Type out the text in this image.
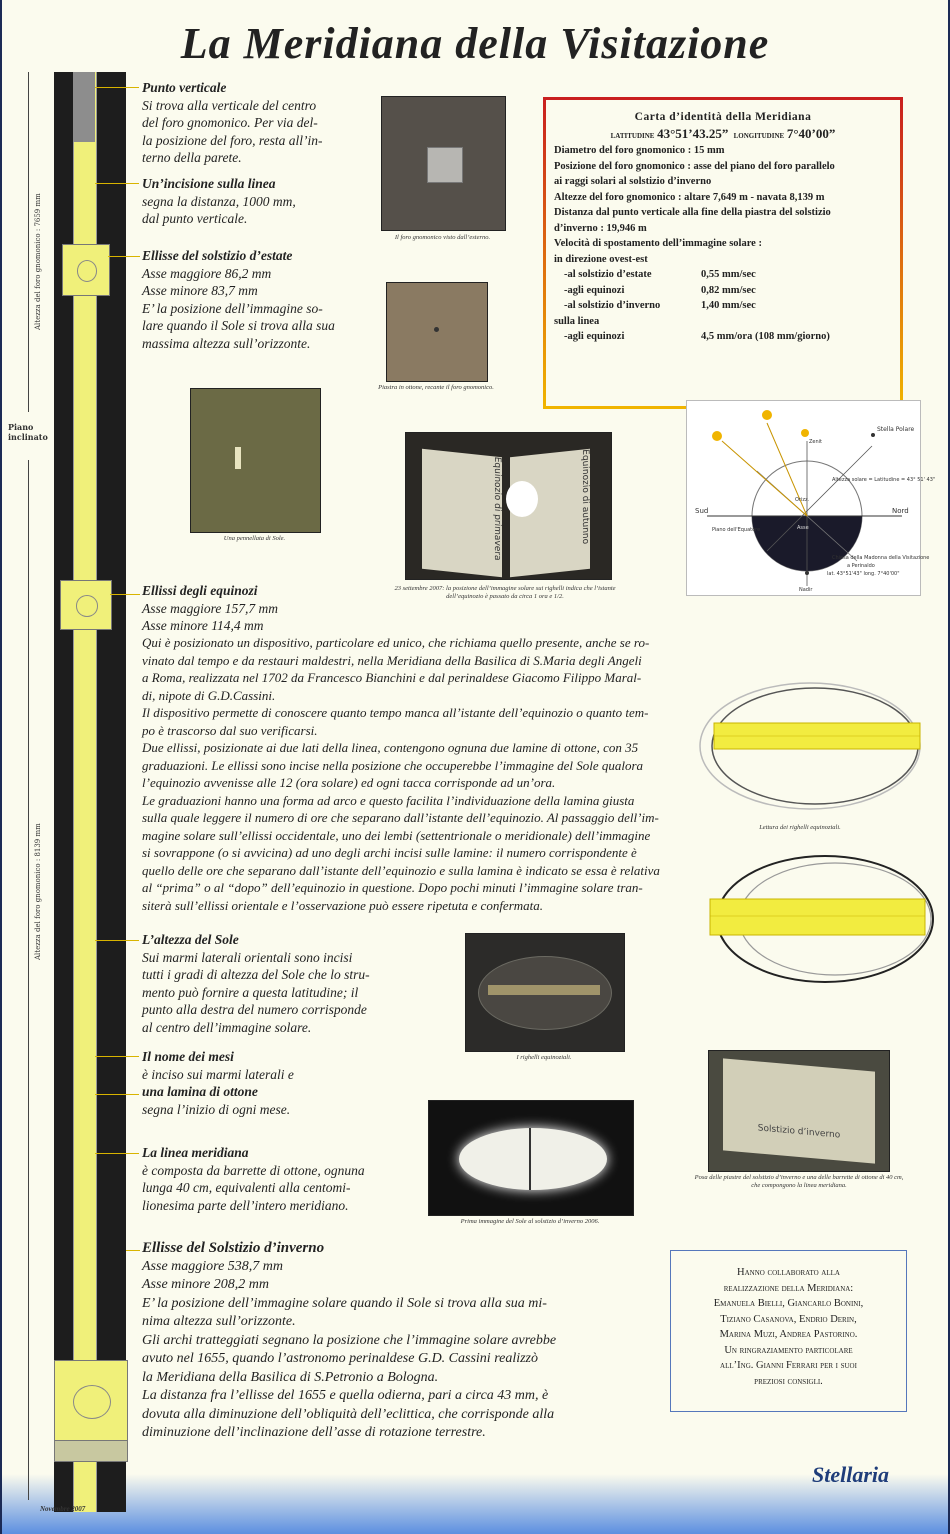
La Meridiana della Visitazione
Altezza del foro gnomonico : 7659 mm
Altezza del foro gnomonico : 8139 mm
Piano inclinato
Novembre 2007
Punto verticale
Si trova alla verticale del centro
del foro gnomonico. Per via del-
la posizione del foro, resta all’in-
terno della parete.
Un’incisione sulla linea
segna la distanza, 1000 mm,
dal punto verticale.
Ellisse del solstizio d’estate
Asse maggiore 86,2 mm
Asse minore 83,7 mm
E’ la posizione dell’immagine so-
lare quando il Sole si trova alla sua
massima altezza sull’orizzonte.

Il foro gnomonico visto dall’esterno.

Piastra in ottone, recante il foro gnomonico.

Una pennellata di Sole.	Equinozio di primavera	Equinozio di autunno

23 settembre 2007: la posizione dell’immagine solare sui righelli indica che l’istante dell’equinozio è passato da circa 1 ora e 1/2.

Carta d’identità della Meridiana
latitudine 43°51’43.25” longitudine 7°40’00”
Diametro del foro gnomonico : 15 mm
Posizione del foro gnomonico : asse del piano del foro parallelo
ai raggi solari al solstizio d’inverno
Altezze del foro gnomonico : altare 7,649 m - navata 8,139 m
Distanza dal punto verticale alla fine della piastra del solstizio
d’inverno : 19,946 m
Velocità di spostamento dell’immagine solare :
in direzione ovest-est
-al solstizio d’estate	0,55 mm/sec
-agli equinozi	0,82 mm/sec
-al solstizio d’inverno	1,40 mm/sec
sulla linea
-agli equinozi	4,5 mm/ora (108 mm/giorno)
Stella Polare
Sud	Nord
Zenit
Nadir
Orizz.
Piano dell'Equatore	Asse
Altezza solare = Latitudine = 43° 51' 43"
Chiesa della Madonna della Visitazione
a Perinaldo
lat. 43°51'43" long. 7°40'00"
Ellissi degli equinozi
Asse maggiore 157,7 mm
Asse minore 114,4 mm
Qui è posizionato un dispositivo, particolare ed unico, che richiama quello presente, anche se ro-
vinato dal tempo e da restauri maldestri, nella Meridiana della Basilica di S.Maria degli Angeli
a Roma, realizzata nel 1702 da Francesco Bianchini e dal perinaldese Giacomo Filippo Maral-
di, nipote di G.D.Cassini.
Il dispositivo permette di conoscere quanto tempo manca all’istante dell’equinozio o quanto tem-
po è trascorso dal suo verificarsi.
Due ellissi, posizionate ai due lati della linea, contengono ognuna due lamine di ottone, con 35
graduazioni. Le ellissi sono incise nella posizione che occuperebbe l’immagine del Sole qualora
l’equinozio avvenisse alle 12 (ora solare) ed ogni tacca corrisponde ad un’ora.
Le graduazioni hanno una forma ad arco e questo facilita l’individuazione della lamina giusta
sulla quale leggere il numero di ore che separano dall’istante dell’equinozio. Al passaggio dell’im-
magine solare sull’ellissi occidentale, uno dei lembi (settentrionale o meridionale) dell’immagine
si sovrappone (o si avvicina) ad uno degli archi incisi sulle lamine: il numero corrispondente è
quello delle ore che separano dall’istante dell’equinozio e sulla lamina è indicato se essa è relativa
al “prima” o al “dopo” dell’equinozio in questione. Dopo pochi minuti l’immagine solare tran-
siterà sull’ellissi orientale e l’osservazione può essere ripetuta e confermata.

Lettura dei righelli equinoziali.

L’altezza del Sole
Sui marmi laterali orientali sono incisi
tutti i gradi di altezza del Sole che lo stru-
mento può fornire a questa latitudine; il
punto alla destra del numero corrisponde
al centro dell’immagine solare.

I righelli equinoziali.

Il nome dei mesi
è inciso sui marmi laterali e
una lamina di ottone
segna l’inizio di ogni mese.
La linea meridiana
è composta da barrette di ottone, ognuna
lunga 40 cm, equivalenti alla centomi-
lionesima parte dell’intero meridiano.
Solstizio d’inverno

Posa delle piastre del solstizio d’inverno e una delle barrette di ottone di 40 cm, che compongono la linea meridiana.

Prima immagine del Sole al solstizio d’inverno 2006.

Ellisse del Solstizio d’inverno
Asse maggiore 538,7 mm
Asse minore 208,2 mm
E’ la posizione dell’immagine solare quando il Sole si trova alla sua mi-
nima altezza sull’orizzonte.
Gli archi tratteggiati segnano la posizione che l’immagine solare avrebbe
avuto nel 1655, quando l’astronomo perinaldese G.D. Cassini realizzò
la Meridiana della Basilica di S.Petronio a Bologna.
La distanza fra l’ellisse del 1655 e quella odierna, pari a circa 43 mm, è
dovuta alla diminuzione dell’obliquità dell’eclittica, che corrisponde alla
diminuzione dell’inclinazione dell’asse di rotazione terrestre.
Hanno collaborato alla
realizzazione della Meridiana:
Emanuela Bielli, Giancarlo Bonini,
Tiziano Casanova, Endrio Derin,
Marina Muzi, Andrea Pastorino.
Un ringraziamento particolare
all’Ing. Gianni Ferrari per i suoi
preziosi consigli.
Stellaria
